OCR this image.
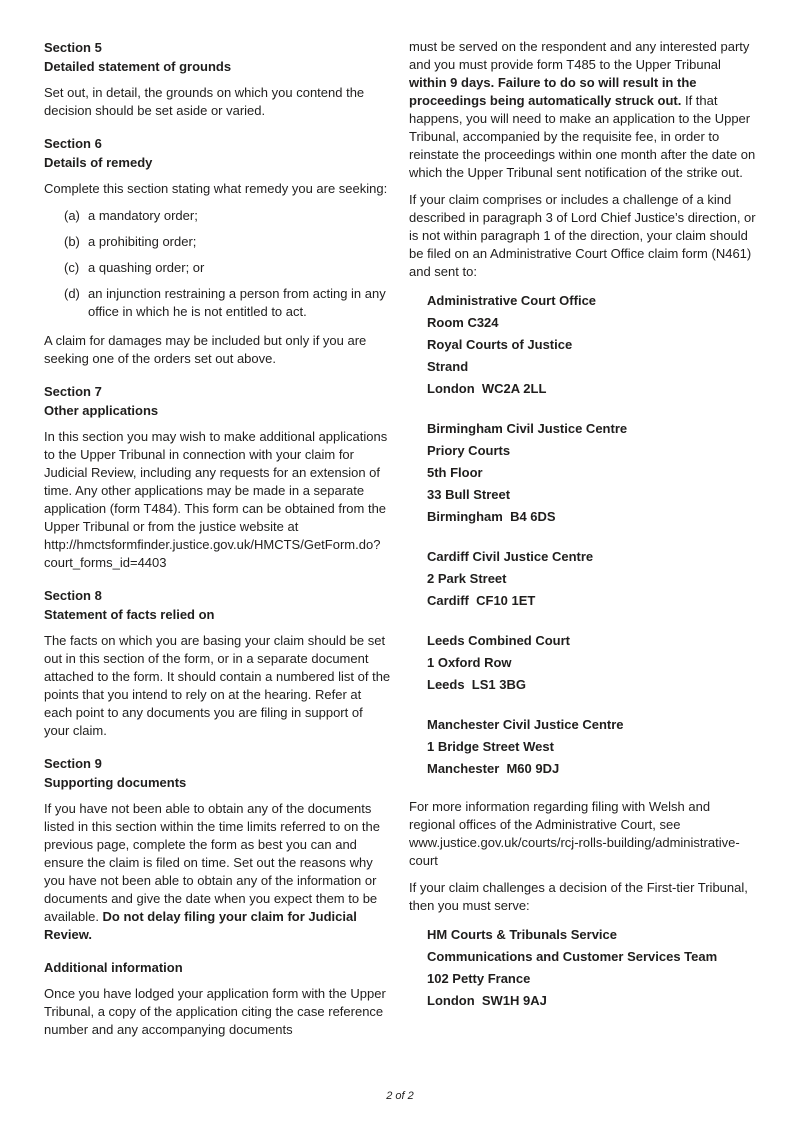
Section 5
Detailed statement of grounds

Set out, in detail, the grounds on which you contend the decision should be set aside or varied.

Section 6
Details of remedy

Complete this section stating what remedy you are seeking:

(a) a mandatory order;
(b) a prohibiting order;
(c) a quashing order; or
(d) an injunction restraining a person from acting in any office in which he is not entitled to act.

A claim for damages may be included but only if you are seeking one of the orders set out above.

Section 7
Other applications

In this section you may wish to make additional applications to the Upper Tribunal in connection with your claim for Judicial Review, including any requests for an extension of time. Any other applications may be made in a separate application (form T484). This form can be obtained from the Upper Tribunal or from the justice website at http://hmctsformfinder.justice.gov.uk/HMCTS/GetForm.do?court_forms_id=4403

Section 8
Statement of facts relied on

The facts on which you are basing your claim should be set out in this section of the form, or in a separate document attached to the form. It should contain a numbered list of the points that you intend to rely on at the hearing. Refer at each point to any documents you are filing in support of your claim.

Section 9
Supporting documents

If you have not been able to obtain any of the documents listed in this section within the time limits referred to on the previous page, complete the form as best you can and ensure the claim is filed on time. Set out the reasons why you have not been able to obtain any of the information or documents and give the date when you expect them to be available. Do not delay filing your claim for Judicial Review.

Additional information

Once you have lodged your application form with the Upper Tribunal, a copy of the application citing the case reference number and any accompanying documents

must be served on the respondent and any interested party and you must provide form T485 to the Upper Tribunal within 9 days. Failure to do so will result in the proceedings being automatically struck out. If that happens, you will need to make an application to the Upper Tribunal, accompanied by the requisite fee, in order to reinstate the proceedings within one month after the date on which the Upper Tribunal sent notification of the strike out.

If your claim comprises or includes a challenge of a kind described in paragraph 3 of Lord Chief Justice’s direction, or is not within paragraph 1 of the direction, your claim should be filed on an Administrative Court Office claim form (N461) and sent to:

Administrative Court Office
Room C324
Royal Courts of Justice
Strand
London  WC2A 2LL
Birmingham Civil Justice Centre
Priory Courts
5th Floor
33 Bull Street
Birmingham  B4 6DS
Cardiff Civil Justice Centre
2 Park Street
Cardiff  CF10 1ET
Leeds Combined Court
1 Oxford Row
Leeds  LS1 3BG
Manchester Civil Justice Centre
1 Bridge Street West
Manchester  M60 9DJ

For more information regarding filing with Welsh and regional offices of the Administrative Court, see www.justice.gov.uk/courts/rcj-rolls-building/administrative-court

If your claim challenges a decision of the First-tier Tribunal, then you must serve:

HM Courts & Tribunals Service
Communications and Customer Services Team
102 Petty France
London  SW1H 9AJ
2 of 2
